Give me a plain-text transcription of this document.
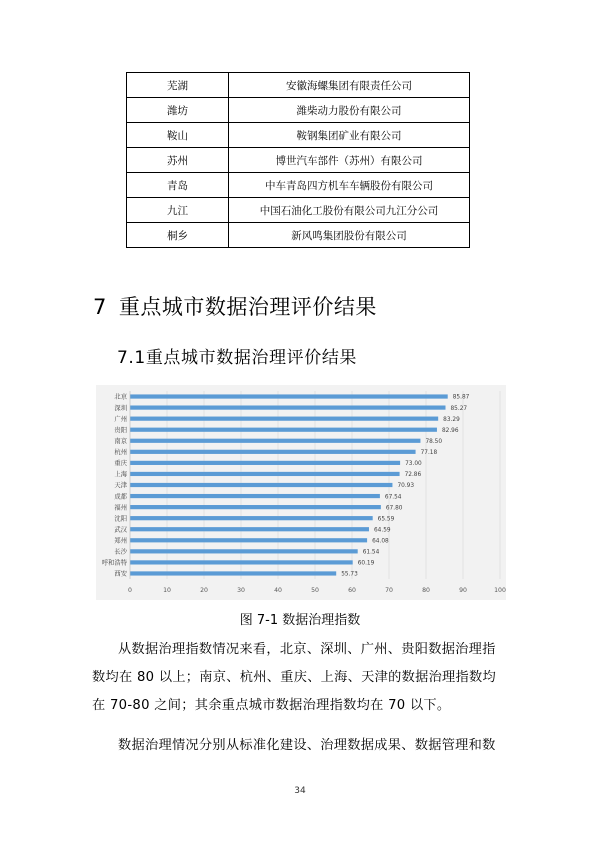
芜湖	安徽海螺集团有限责任公司
潍坊	潍柴动力股份有限公司
鞍山	鞍钢集团矿业有限公司
苏州	博世汽车部件（苏州）有限公司
青岛	中车青岛四方机车车辆股份有限公司
九江	中国石油化工股份有限公司九江分公司
桐乡	新风鸣集团股份有限公司
7 重点城市数据治理评价结果
7.1重点城市数据治理评价结果
0	10	20	30	40	50	60	70	80	90	100
北京	85.87
深圳	85.27
广州	83.29
贵阳	82.96
南京	78.50
杭州	77.18
重庆	73.00
上海	72.86
天津	70.93
成都	67.54
福州	67.80
沈阳	65.59
武汉	64.59
郑州	64.08
长沙	61.54
呼和浩特	60.19
西安	55.73
图 7-1 数据治理指数
从数据治理指数情况来看，北京、深圳、广州、贵阳数据治理指
数均在 80 以上；南京、杭州、重庆、上海、天津的数据治理指数均
在 70-80 之间；其余重点城市数据治理指数均在 70 以下。
数据治理情况分别从标准化建设、治理数据成果、数据管理和数
34
